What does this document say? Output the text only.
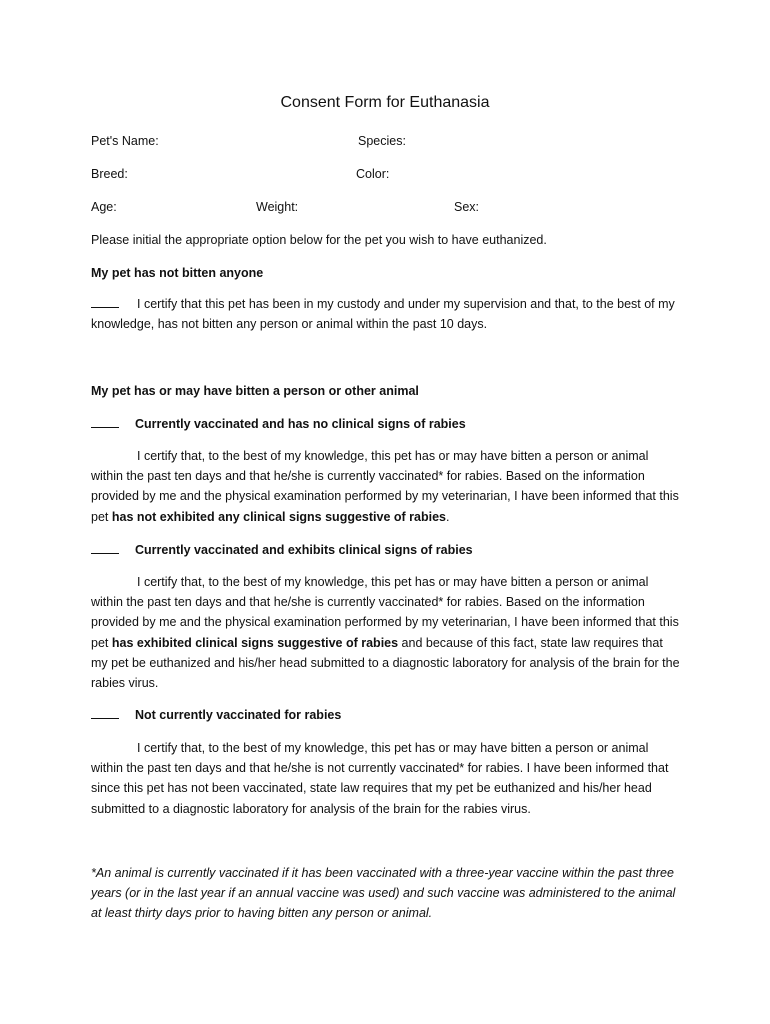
Consent Form for Euthanasia
Pet's Name:	Species:
Breed:	Color:
Age:	Weight:	Sex:
Please initial the appropriate option below for the pet you wish to have euthanized.
My pet has not bitten anyone
I certify that this pet has been in my custody and under my supervision and that, to the best of my knowledge, has not bitten any person or animal within the past 10 days.
My pet has or may have bitten a person or other animal
Currently vaccinated and has no clinical signs of rabies
I certify that, to the best of my knowledge, this pet has or may have bitten a person or animal within the past ten days and that he/she is currently vaccinated* for rabies. Based on the information provided by me and the physical examination performed by my veterinarian, I have been informed that this pet has not exhibited any clinical signs suggestive of rabies.
Currently vaccinated and exhibits clinical signs of rabies
I certify that, to the best of my knowledge, this pet has or may have bitten a person or animal within the past ten days and that he/she is currently vaccinated* for rabies. Based on the information provided by me and the physical examination performed by my veterinarian, I have been informed that this pet has exhibited clinical signs suggestive of rabies and because of this fact, state law requires that my pet be euthanized and his/her head submitted to a diagnostic laboratory for analysis of the brain for the rabies virus.
Not currently vaccinated for rabies
I certify that, to the best of my knowledge, this pet has or may have bitten a person or animal within the past ten days and that he/she is not currently vaccinated* for rabies. I have been informed that since this pet has not been vaccinated, state law requires that my pet be euthanized and his/her head submitted to a diagnostic laboratory for analysis of the brain for the rabies virus.
*An animal is currently vaccinated if it has been vaccinated with a three-year vaccine within the past three years (or in the last year if an annual vaccine was used) and such vaccine was administered to the animal at least thirty days prior to having bitten any person or animal.
